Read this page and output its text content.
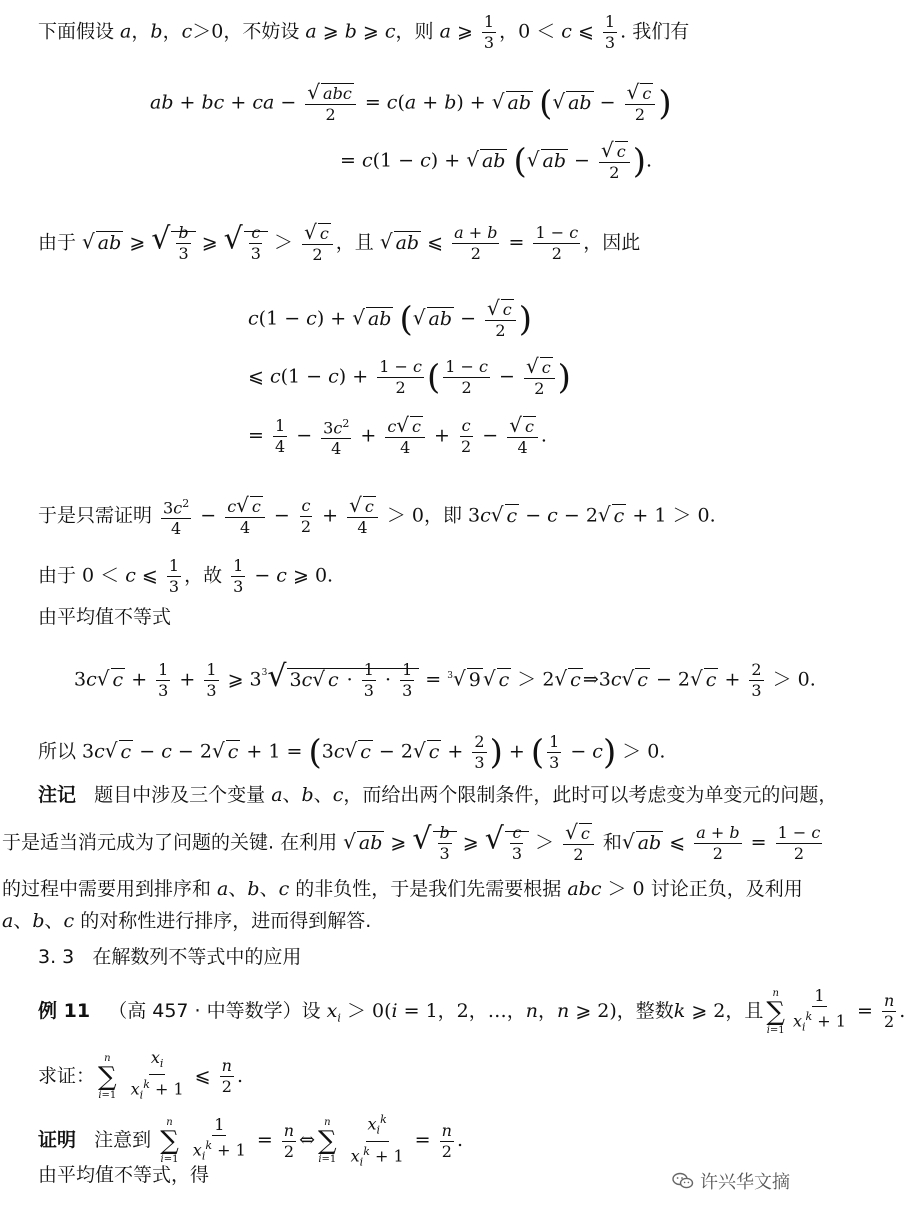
下面假设 a，b，c＞0，不妨设 a ⩾ b ⩾ c，则 a ⩾ $\frac{1}{3}$ ，0 ＜ c ⩽ $\frac{1}{3}$ . 我们有
ab + bc + ca − √ abc
2
= c(a + b) + √ ab (√ ab − $\frac{√ c}{2}$ )
= c(1 − c) + √ ab (√ ab − $\frac{√ c}{2}$ ).
由于 √ ab ⩾ √ $\frac{b}{3}$ ⩾ √ $\frac{c}{3} > \frac{√ c}{2}$ ，且 √ ab ⩽ $\frac{a + b}{2} = \frac{1 - c}{2}$ ，因此
c(1 − c) + √ ab (√ ab − $\frac{√ c}{2}$ )
⩽ $c(1 - c) + \frac{1 - c}{2}$ ( $\frac{1 - c}{2} - \frac{√ c}{2}$ )
= $\frac{1}{4} - \frac{3c^2}{4} + \frac{c√ c}{4} + \frac{c}{2} - \frac{√ c}{4}$ .
于是只需证明 $\frac{3c^2}{4} - \frac{c√ c}{4} - \frac{c}{2} + \frac{√ c}{4} > 0$，即 3c√ c − c − 2√ c + 1 ＞ 0.
由于 0 ＜ c ⩽ $\frac{1}{3}$ ，故 $\frac{1}{3} - c$ ⩾ 0.
由平均值不等式
3c√ $c + \frac{1}{3} + \frac{1}{3}$ ⩾ $3^3√$ 3c√ $c \cdot \frac{1}{3} \cdot \frac{1}{3} = ^3√$ 9 √ c ＞ 2√ c ⇒3c√ c − 2√ $c + \frac{2}{3} > 0$.
所以 3c√ c − c − 2√ c + 1 = (3c√ c − 2√ $c + \frac{2}{3}$ ) + ( $\frac{1}{3} - c) > 0$.
注记 题目中涉及三个变量 a、b、c，而给出两个限制条件，此时可以考虑变为单变元的问题，
于是适当消元成为了问题的关键. 在利用 √ ab ⩾ √ $\frac{b}{3}$ ⩾ √ $\frac{c}{3} > \frac{√ c}{2}$ 和√ ab ⩽ $\frac{a + b}{2} = \frac{1 - c}{2}$
的过程中需要用到排序和 a、b、c 的非负性，于是我们先需要根据 abc ＞ 0 讨论正负，及利用
a、b、c 的对称性进行排序，进而得到解答.
3. 3 在解数列不等式中的应用
例 11 （高 457 · 中等数学）设 $x_i > 0(i = 1$，2，…，n，n ⩾ 2)，整数k ⩾ 2，且
n
∑
i=1
1
$x_i^k + 1 = \frac{n}{2}$ .
求证：
n
∑
i=1

$x_i$
$x_i^k + 1$
⩽ $\frac{n}{2}$ .
证明 注意到
n
∑
i=1

1
$x_i^k + 1 = \frac{n}{2}$ ⇔
n
∑
i=1

$x_i^k$
$x_i^k + 1$
= $\frac{n}{2}$ .
由平均值不等式，得	许兴华文摘
